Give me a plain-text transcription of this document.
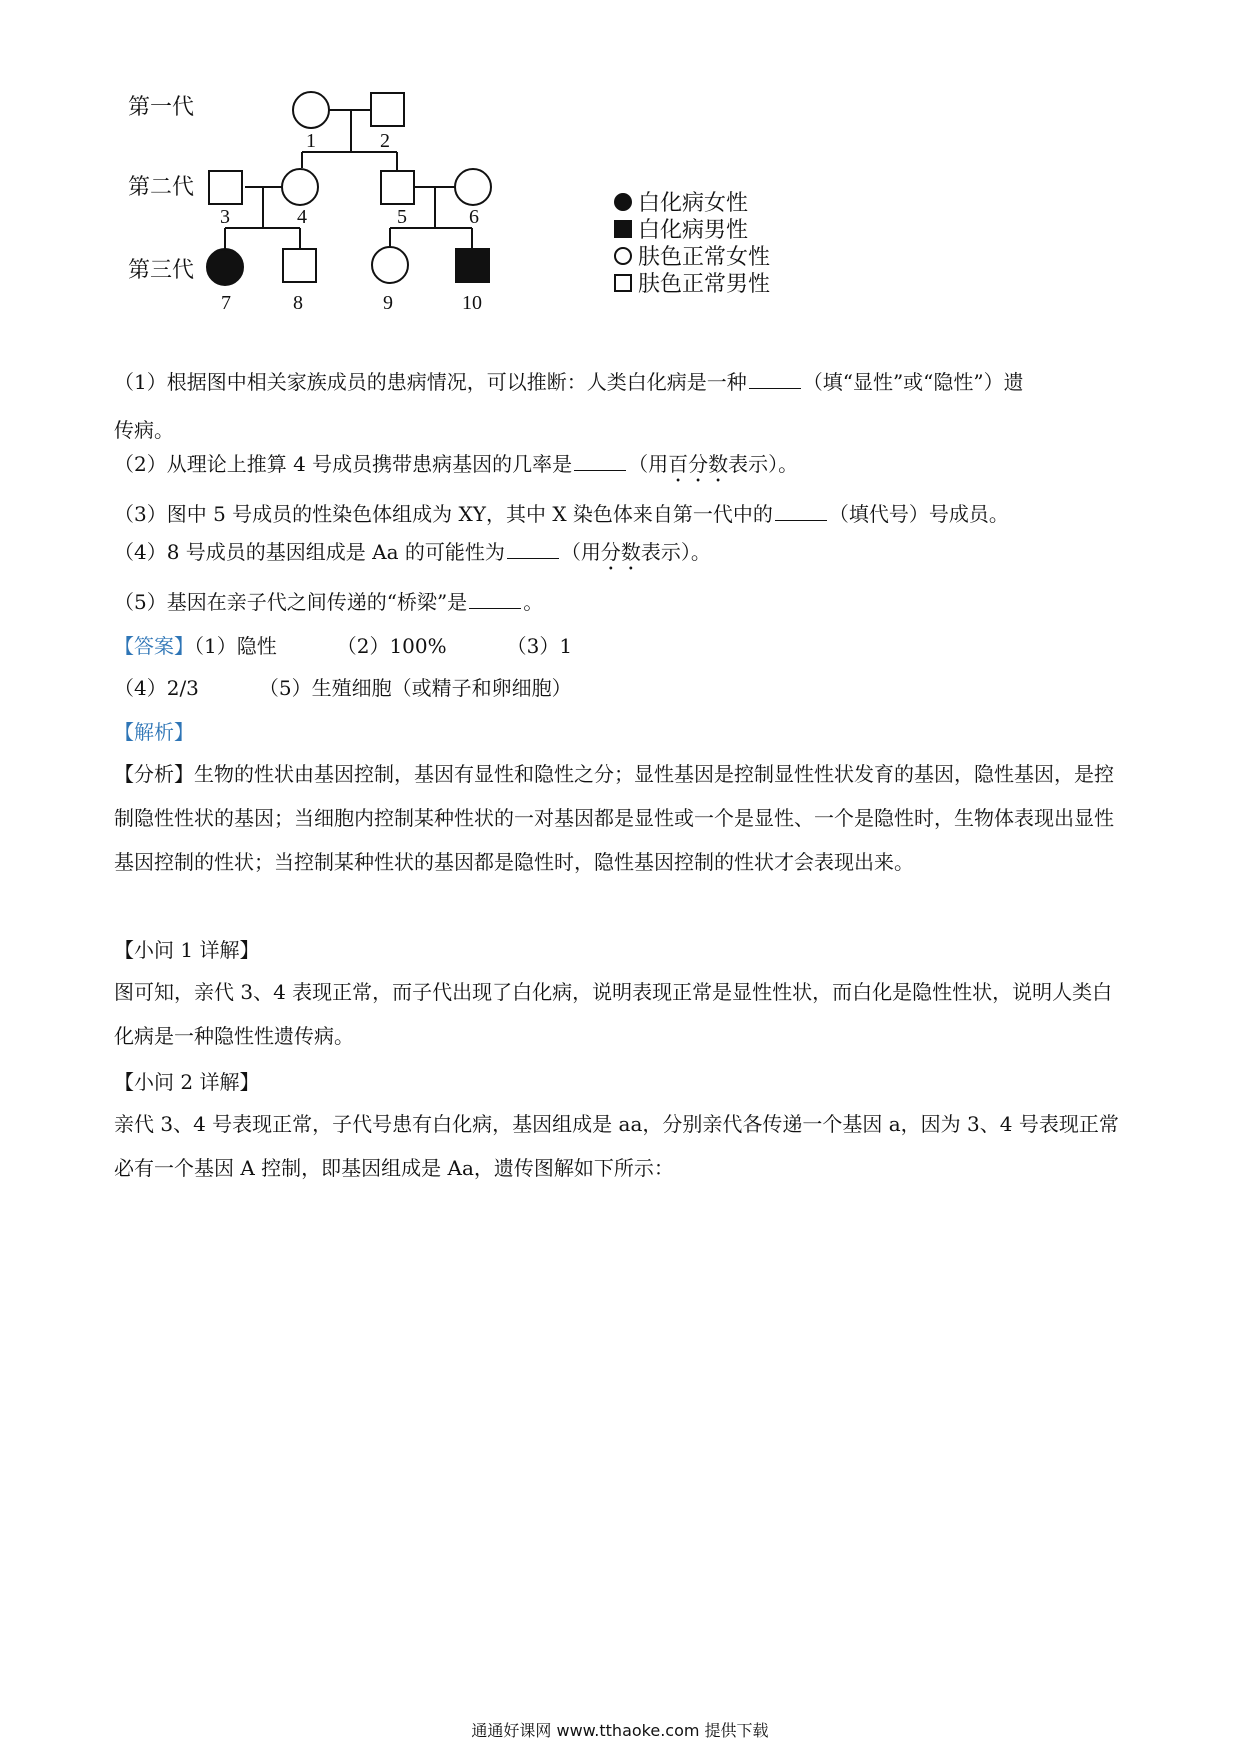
第一代
第二代
第三代
1	2
3	4	5	6
7	8	9	10
白化病女性
白化病男性
肤色正常女性
肤色正常男性
（1）根据图中相关家族成员的患病情况，可以推断：人类白化病是一种	（填“显性”或“隐性”）遗
传病。
（2）从理论上推算 4 号成员携带患病基因的几率是	（用百分数表示）。
（3）图中 5 号成员的性染色体组成为 XY，其中 X 染色体来自第一代中的	（填代号）号成员。
（4）8 号成员的基因组成是 Aa 的可能性为	（用分数表示）。
（5）基因在亲子代之间传递的“桥梁”是	。
【答案】（1）隐性	（2）100%	（3）1
（4）2/3	（5）生殖细胞（或精子和卵细胞）
【解析】
【分析】生物的性状由基因控制，基因有显性和隐性之分；显性基因是控制显性性状发育的基因，隐性基因，是控制隐性性状的基因；当细胞内控制某种性状的一对基因都是显性或一个是显性、一个是隐性时，生物体表现出显性基因控制的性状；当控制某种性状的基因都是隐性时，隐性基因控制的性状才会表现出来。
【小问 1 详解】
图可知，亲代 3、4 表现正常，而子代出现了白化病，说明表现正常是显性性状，而白化是隐性性状，说明人类白化病是一种隐性性遗传病。
【小问 2 详解】
亲代 3、4 号表现正常，子代号患有白化病，基因组成是 aa，分别亲代各传递一个基因 a，因为 3、4 号表现正常必有一个基因 A 控制，即基因组成是 Aa，遗传图解如下所示：
通通好课网 www.tthaoke.com 提供下载
